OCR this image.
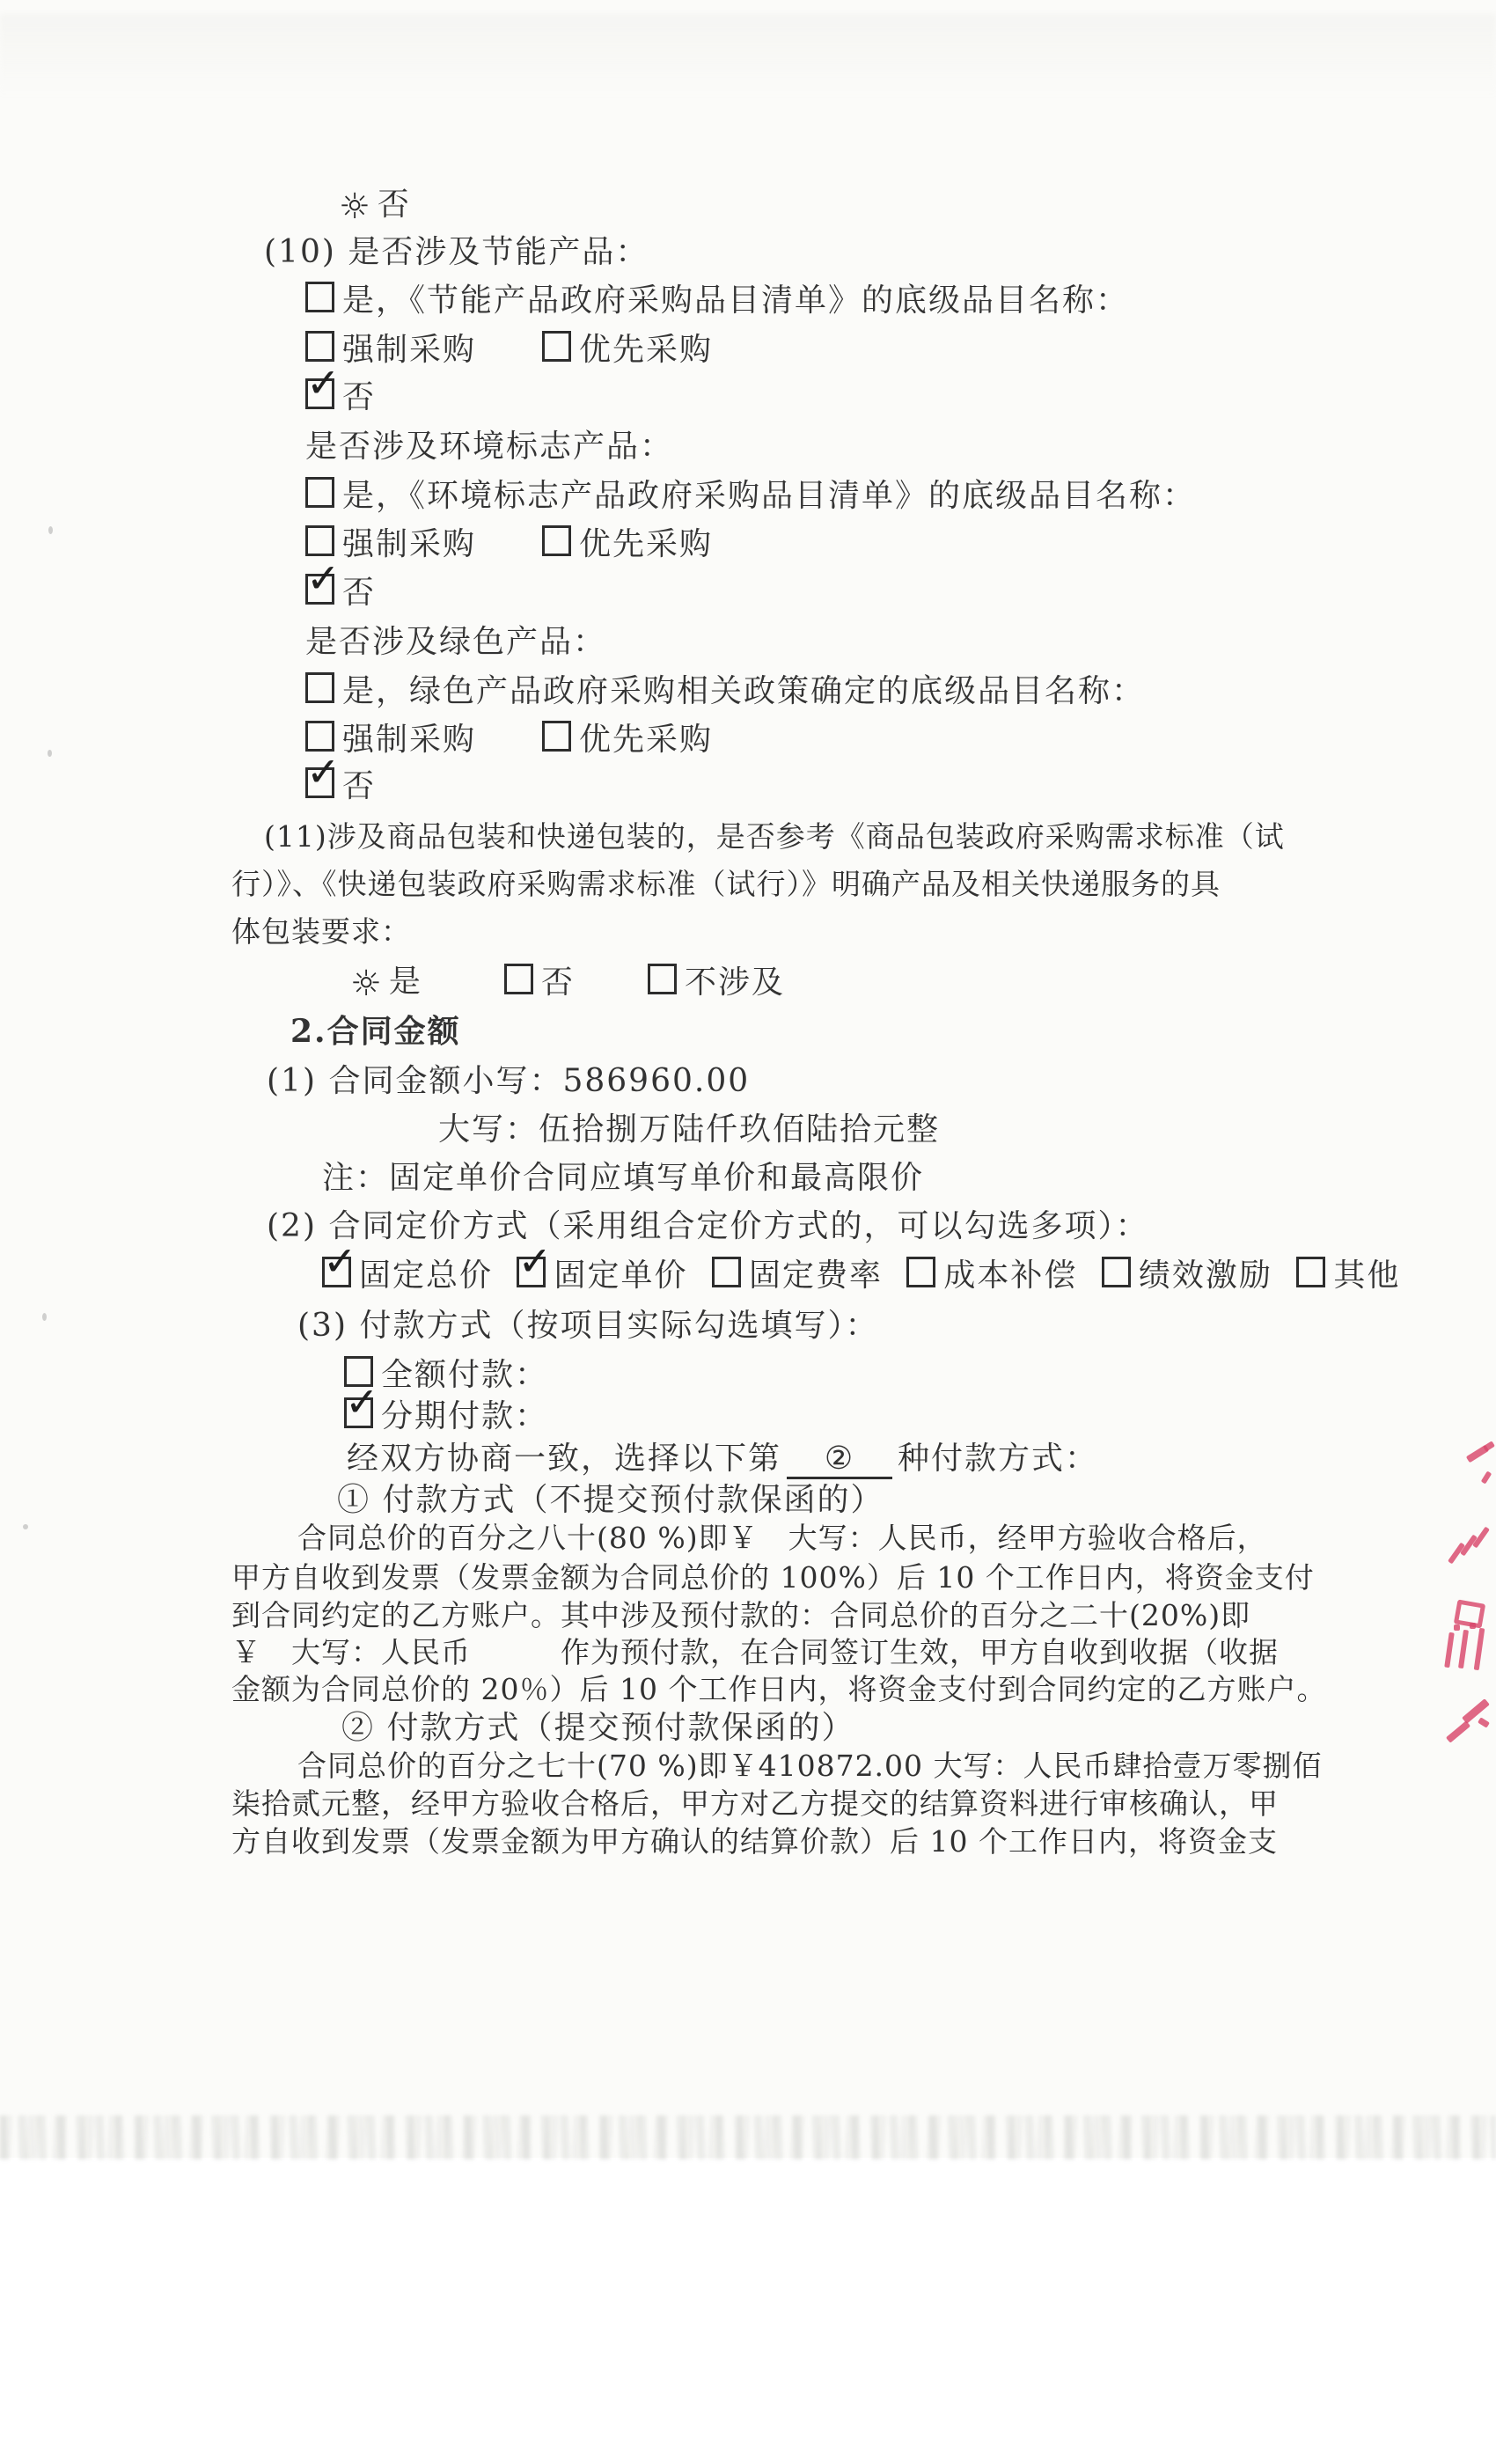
☼ 否
(10) 是否涉及节能产品：
是，《节能产品政府采购品目清单》的底级品目名称：
强制采购	优先采购
✓ 否
是否涉及环境标志产品：
是，《环境标志产品政府采购品目清单》的底级品目名称：
强制采购	优先采购
✓ 否
是否涉及绿色产品：
是，绿色产品政府采购相关政策确定的底级品目名称：
强制采购	优先采购
✓ 否
(11)涉及商品包装和快递包装的，是否参考《商品包装政府采购需求标准（试
行）》、《快递包装政府采购需求标准（试行）》明确产品及相关快递服务的具
体包装要求：
☼ 是	否	不涉及
2.合同金额
(1) 合同金额小写：586960.00
大写：伍拾捌万陆仟玖佰陆拾元整
注：固定单价合同应填写单价和最高限价
(2) 合同定价方式（采用组合定价方式的，可以勾选多项）：
✓ 固定总价 ✓ 固定单价 固定费率 成本补偿 绩效激励 其他
(3) 付款方式（按项目实际勾选填写）：
全额付款：
✓ 分期付款：
经双方协商一致，选择以下第 ② 种付款方式：
① 付款方式（不提交预付款保函的）
合同总价的百分之八十(80 %)即￥　大写：人民币，经甲方验收合格后，
甲方自收到发票（发票金额为合同总价的 100%）后 10 个工作日内，将资金支付
到合同约定的乙方账户。其中涉及预付款的：合同总价的百分之二十(20%)即
￥　大写：人民币　　　作为预付款，在合同签订生效，甲方自收到收据（收据
金额为合同总价的 20％）后 10 个工作日内，将资金支付到合同约定的乙方账户。
② 付款方式（提交预付款保函的）
合同总价的百分之七十(70 %)即￥410872.00 大写：人民币肆拾壹万零捌佰
柒拾贰元整，经甲方验收合格后，甲方对乙方提交的结算资料进行审核确认，甲
方自收到发票（发票金额为甲方确认的结算价款）后 10 个工作日内，将资金支
